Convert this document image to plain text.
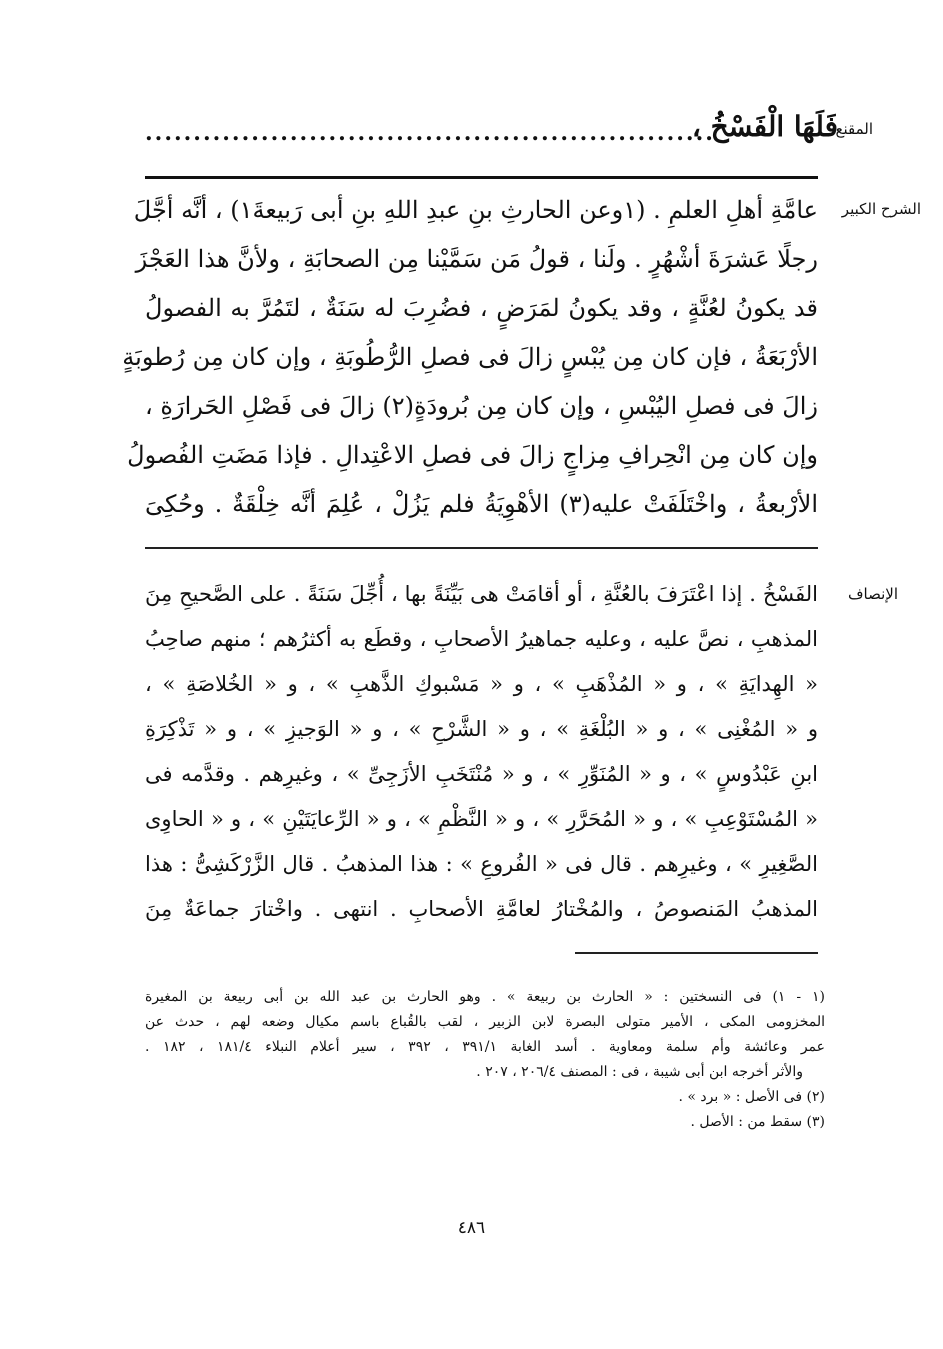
المقنع
الشرح الكبير
الإنصاف
فَلَهَا الْفَسْخُ ،
...........................................................
عامَّةِ أهلِ العلمِ . (١وعن الحارثِ بنِ عبدِ اللهِ بنِ أبى رَبيعةَ١) ، أنَّه أجَّلَ
رجلًا عَشرَةَ أشْهُرٍ . ولَنا ، قولُ مَن سَمَّيْنا مِن الصحابَةِ ، ولأنَّ هذا العَجْزَ
قد يكونُ لعُنَّةٍ ، وقد يكونُ لمَرَضٍ ، فضُرِبَ له سَنَةٌ ، لتَمُرَّ به الفصولُ
الأرْبَعَةُ ، فإن كان مِن يُبْسٍ زالَ فى فصلِ الرُّطُوبَةِ ، وإن كان مِن رُطوبَةٍ
زالَ فى فصلِ اليُبْسِ ، وإن كان مِن بُرودَةٍ(٢) زالَ فى فَصْلِ الحَرارَةِ ،
وإن كان مِن انْحِرافِ مِزاجٍ زالَ فى فصلِ الاعْتِدالِ . فإذا مَضَتِ الفُصولُ
الأرْبعةُ ، واخْتَلَفَتْ عليه(٣) الأهْوِيَةُ فلم يَزُلْ ، عُلِمَ أنَّه خِلْقَةٌ . وحُكِىَ
الفَسْخُ . إذا اعْتَرَفَ بالعُنَّةِ ، أو أقامَتْ هى بَيِّنَةً بها ، أُجِّلَ سَنَةً . على الصَّحيحِ مِنَ
المذهبِ ، نصَّ عليه ، وعليه جماهيرُ الأصحابِ ، وقطَع به أكثرُهم ؛ منهم صاحِبُ
« الهِدايَةِ » ، و « المُذْهَبِ » ، و « مَسْبوكِ الذَّهبِ » ، و « الخُلاصَةِ » ،
و « المُغْنِى » ، و « البُلْغَةِ » ، و « الشَّرْحِ » ، و « الوَجيزِ » ، و « تَذْكِرَةِ
ابنِ عَبْدُوسٍ » ، و « المُنَوِّرِ » ، و « مُنْتَخَبِ الأزَجِىِّ » ، وغيرِهم . وقدَّمه فى
« المُسْتَوْعِبِ » ، و « المُحَرَّرِ » ، و « النَّظْمِ » ، و « الرِّعايَتَيْنِ » ، و « الحاوِى
الصَّغِيرِ » ، وغيرِهم . قال فى « الفُروعِ » : هذا المذهبُ . قال الزَّرْكَشِىُّ : هذا
المذهبُ المَنصوصُ ، والمُخْتارُ لعامَّةِ الأصحابِ . انتهى . واخْتارَ جماعَةٌ مِنَ
(١ - ١) فى النسختين : « الحارث بن ربيعة » . وهو الحارث بن عبد الله بن أبى ربيعة بن المغيرة
المخزومى المكى ، الأمير متولى البصرة لابن الزبير ، لقب بالقُباع باسم مكيال وضعه لهم ، حدث عن
عمر وعائشة وأم سلمة ومعاوية . أسد الغابة ٣٩١/١ ، ٣٩٢ ، سير أعلام النبلاء ١٨١/٤ ، ١٨٢ .
والأثر أخرجه ابن أبى شيبة ، فى : المصنف ٢٠٦/٤ ، ٢٠٧ .
(٢) فى الأصل : « برد » .
(٣) سقط من : الأصل .
٤٨٦
